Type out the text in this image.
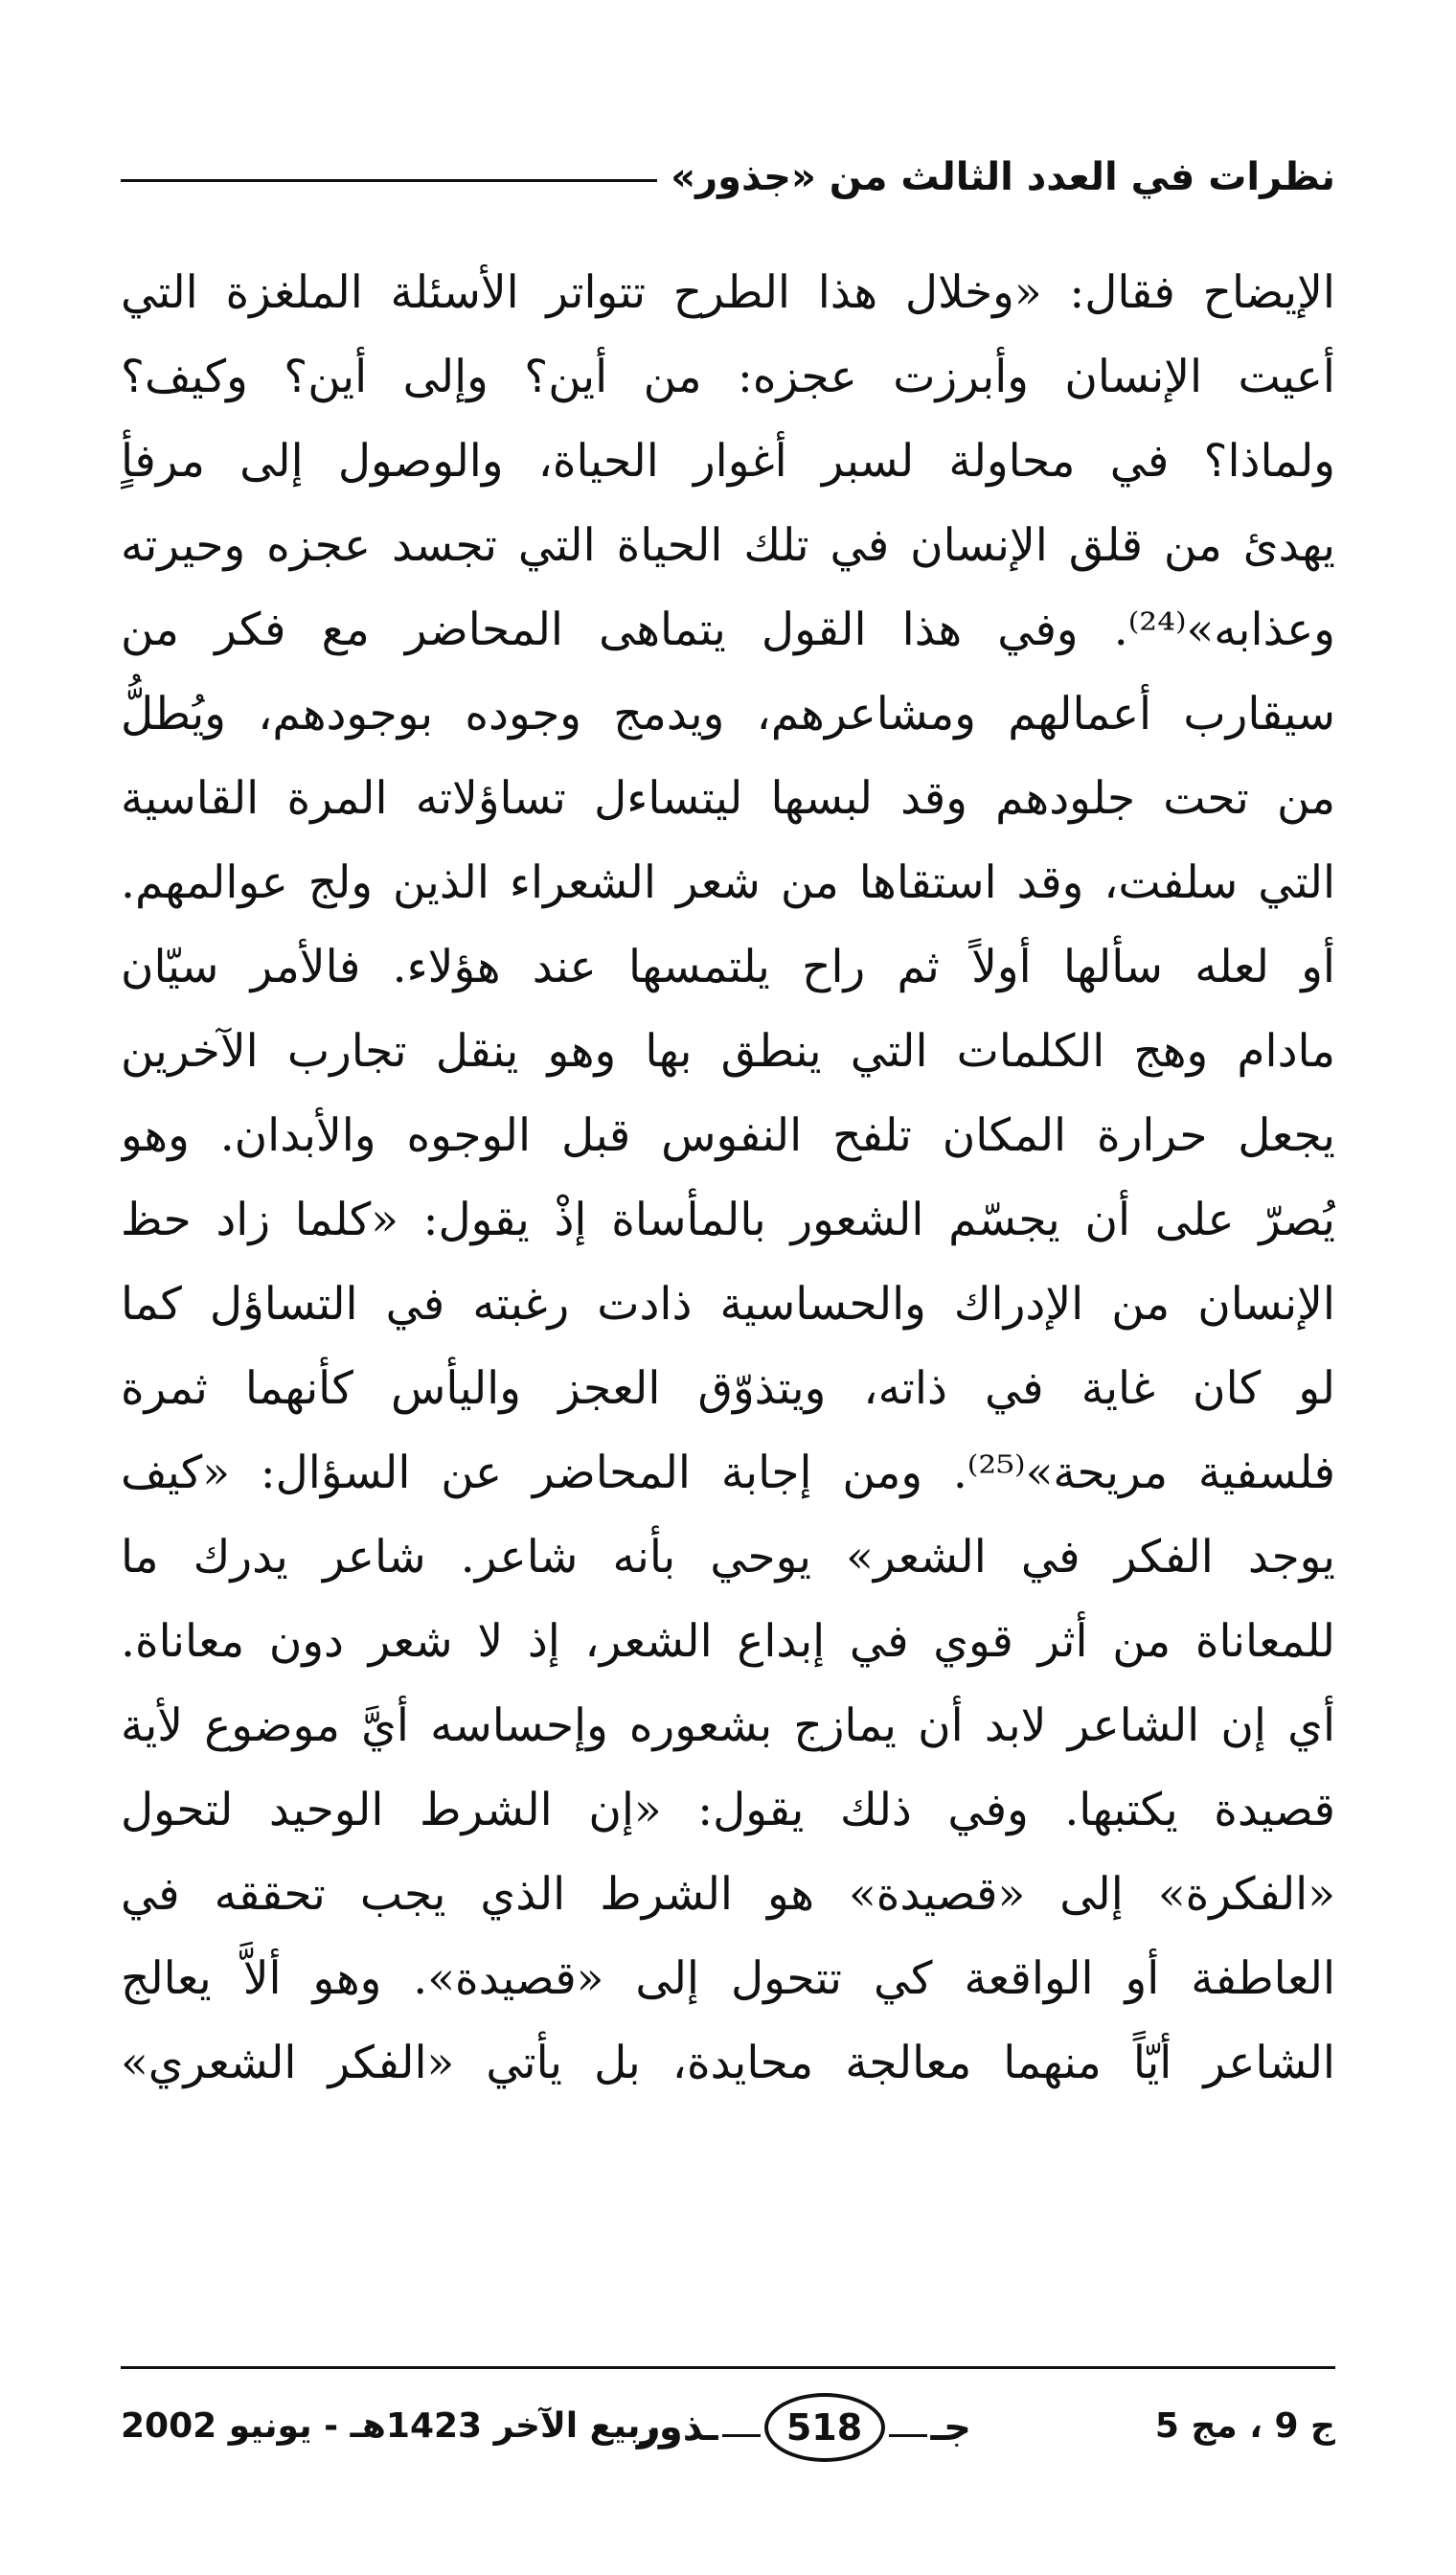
نظرات في العدد الثالث من «جذور»
الإيضاح فقال: «وخلال هذا الطرح تتواتر الأسئلة الملغزة التي
أعيت الإنسان وأبرزت عجزه: من أين؟ وإلى أين؟ وكيف؟
ولماذا؟ في محاولة لسبر أغوار الحياة، والوصول إلى مرفأٍ
يهدئ من قلق الإنسان في تلك الحياة التي تجسد عجزه وحيرته
وعذابه»⁽²⁴⁾. وفي هذا القول يتماهى المحاضر مع فكر من
سيقارب أعمالهم ومشاعرهم، ويدمج وجوده بوجودهم، ويُطلُّ
من تحت جلودهم وقد لبسها ليتساءل تساؤلاته المرة القاسية
التي سلفت، وقد استقاها من شعر الشعراء الذين ولج عوالمهم.
أو لعله سألها أولاً ثم راح يلتمسها عند هؤلاء. فالأمر سيّان
مادام وهج الكلمات التي ينطق بها وهو ينقل تجارب الآخرين
يجعل حرارة المكان تلفح النفوس قبل الوجوه والأبدان. وهو
يُصرّ على أن يجسّم الشعور بالمأساة إذْ يقول: «كلما زاد حظ
الإنسان من الإدراك والحساسية ذادت رغبته في التساؤل كما
لو كان غاية في ذاته، ويتذوّق العجز واليأس كأنهما ثمرة
فلسفية مريحة»⁽²⁵⁾. ومن إجابة المحاضر عن السؤال: «كيف
يوجد الفكر في الشعر» يوحي بأنه شاعر. شاعر يدرك ما
للمعاناة من أثر قوي في إبداع الشعر، إذ لا شعر دون معاناة.
أي إن الشاعر لابد أن يمازج بشعوره وإحساسه أيَّ موضوع لأية
قصيدة يكتبها. وفي ذلك يقول: «إن الشرط الوحيد لتحول
«الفكرة» إلى «قصيدة» هو الشرط الذي يجب تحققه في
العاطفة أو الواقعة كي تتحول إلى «قصيدة». وهو ألاَّ يعالج
الشاعر أيّاً منهما معالجة محايدة، بل يأتي «الفكر الشعري»
ج 9 ، مج 5
جـ
518
ـذور
ربيع الآخر 1423هـ - يونيو 2002
